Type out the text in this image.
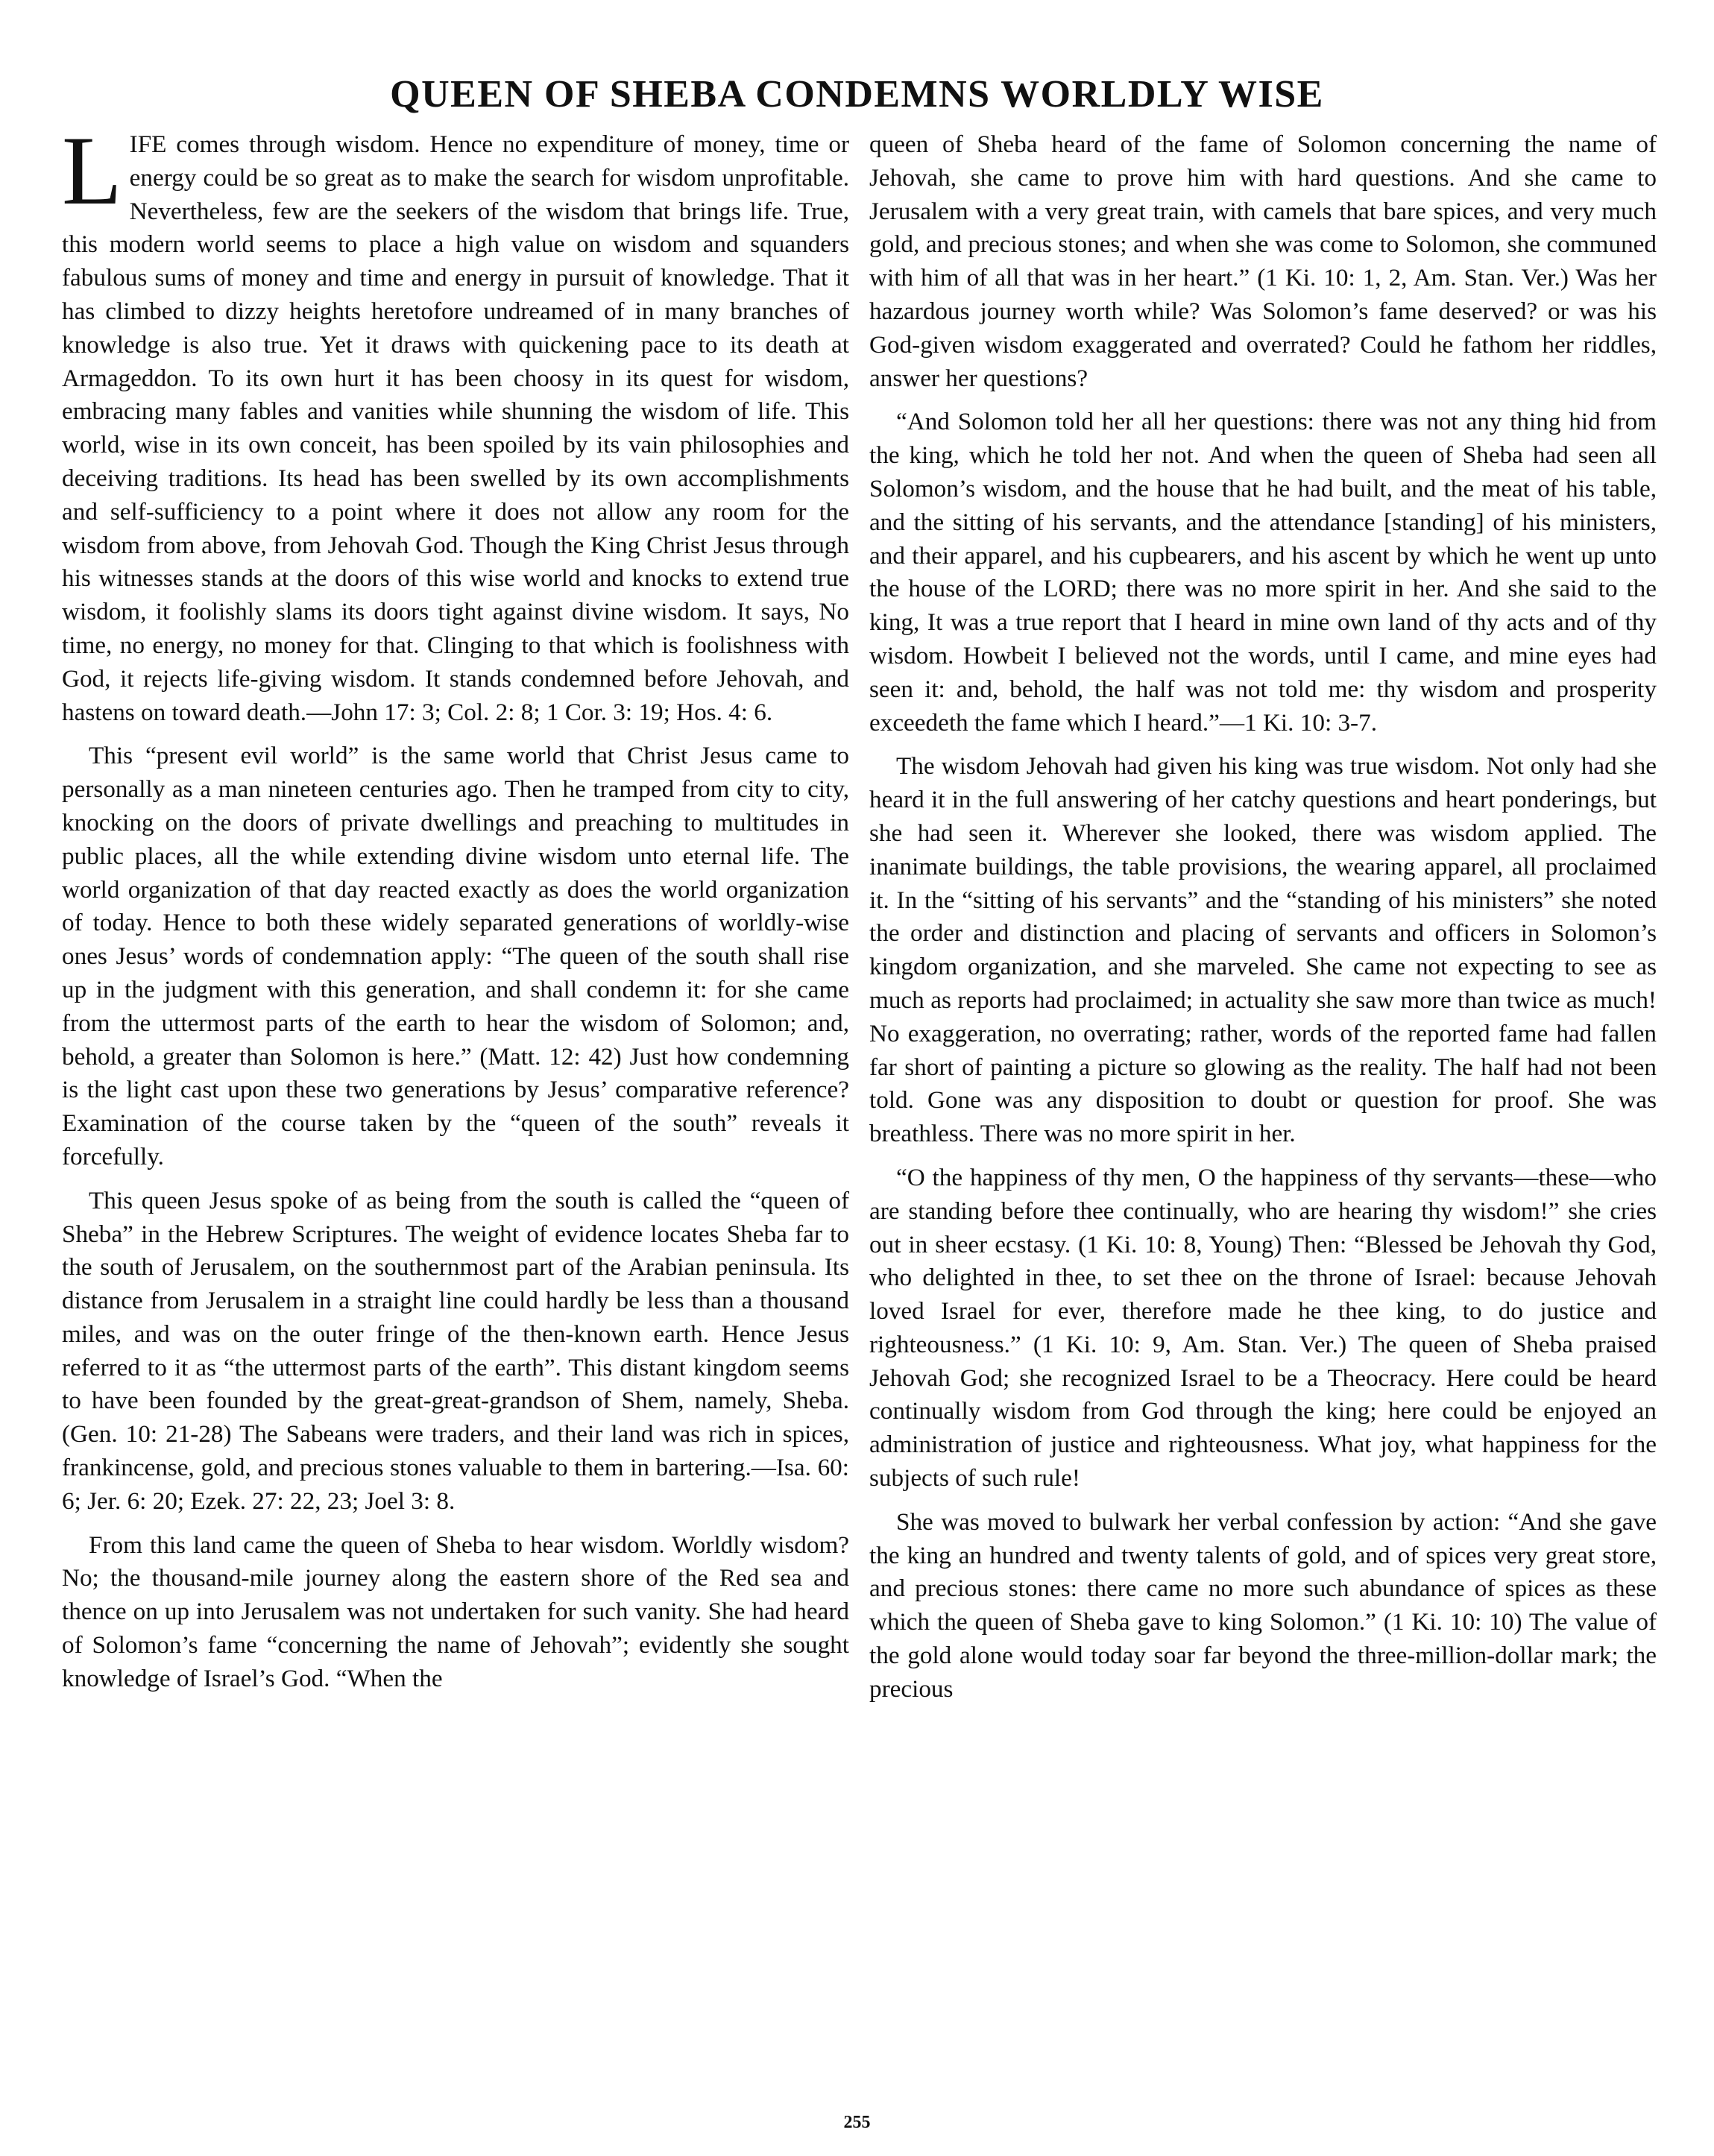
QUEEN OF SHEBA CONDEMNS WORLDLY WISE

LIFE comes through wisdom. Hence no expenditure of money, time or energy could be so great as to make the search for wisdom unprofitable. Nevertheless, few are the seekers of the wisdom that brings life. True, this modern world seems to place a high value on wisdom and squanders fabulous sums of money and time and energy in pursuit of knowledge. That it has climbed to dizzy heights heretofore undreamed of in many branches of knowledge is also true. Yet it draws with quickening pace to its death at Armageddon. To its own hurt it has been choosy in its quest for wisdom, embracing many fables and vanities while shunning the wisdom of life. This world, wise in its own conceit, has been spoiled by its vain philosophies and deceiving traditions. Its head has been swelled by its own accomplishments and self-sufficiency to a point where it does not allow any room for the wisdom from above, from Jehovah God. Though the King Christ Jesus through his witnesses stands at the doors of this wise world and knocks to extend true wisdom, it foolishly slams its doors tight against divine wisdom. It says, No time, no energy, no money for that. Clinging to that which is foolishness with God, it rejects life-giving wisdom. It stands condemned before Jehovah, and hastens on toward death.—John 17: 3; Col. 2: 8; 1 Cor. 3: 19; Hos. 4: 6.

This “present evil world” is the same world that Christ Jesus came to personally as a man nineteen centuries ago. Then he tramped from city to city, knocking on the doors of private dwellings and preaching to multitudes in public places, all the while extending divine wisdom unto eternal life. The world organization of that day reacted exactly as does the world organization of today. Hence to both these widely separated generations of worldly-wise ones Jesus’ words of condemnation apply: “The queen of the south shall rise up in the judgment with this generation, and shall condemn it: for she came from the uttermost parts of the earth to hear the wisdom of Solomon; and, behold, a greater than Solomon is here.” (Matt. 12: 42) Just how condemning is the light cast upon these two generations by Jesus’ comparative reference? Examination of the course taken by the “queen of the south” reveals it forcefully.

This queen Jesus spoke of as being from the south is called the “queen of Sheba” in the Hebrew Scriptures. The weight of evidence locates Sheba far to the south of Jerusalem, on the southernmost part of the Arabian peninsula. Its distance from Jerusalem in a straight line could hardly be less than a thousand miles, and was on the outer fringe of the then-known earth. Hence Jesus referred to it as “the uttermost parts of the earth”. This distant kingdom seems to have been founded by the great-great-grandson of Shem, namely, Sheba. (Gen. 10: 21-28) The Sabeans were traders, and their land was rich in spices, frankincense, gold, and precious stones valuable to them in bartering.—Isa. 60: 6; Jer. 6: 20; Ezek. 27: 22, 23; Joel 3: 8.

From this land came the queen of Sheba to hear wisdom. Worldly wisdom? No; the thousand-mile journey along the eastern shore of the Red sea and thence on up into Jerusalem was not undertaken for such vanity. She had heard of Solomon’s fame “concerning the name of Jehovah”; evidently she sought knowledge of Israel’s God. “When the

queen of Sheba heard of the fame of Solomon concerning the name of Jehovah, she came to prove him with hard questions. And she came to Jerusalem with a very great train, with camels that bare spices, and very much gold, and precious stones; and when she was come to Solomon, she communed with him of all that was in her heart.” (1 Ki. 10: 1, 2, Am. Stan. Ver.) Was her hazardous journey worth while? Was Solomon’s fame deserved? or was his God-given wisdom exaggerated and overrated? Could he fathom her riddles, answer her questions?

“And Solomon told her all her questions: there was not any thing hid from the king, which he told her not. And when the queen of Sheba had seen all Solomon’s wisdom, and the house that he had built, and the meat of his table, and the sitting of his servants, and the attendance [standing] of his ministers, and their apparel, and his cupbearers, and his ascent by which he went up unto the house of the LORD; there was no more spirit in her. And she said to the king, It was a true report that I heard in mine own land of thy acts and of thy wisdom. Howbeit I believed not the words, until I came, and mine eyes had seen it: and, behold, the half was not told me: thy wisdom and prosperity exceedeth the fame which I heard.”—1 Ki. 10: 3-7.

The wisdom Jehovah had given his king was true wisdom. Not only had she heard it in the full answering of her catchy questions and heart ponderings, but she had seen it. Wherever she looked, there was wisdom applied. The inanimate buildings, the table provisions, the wearing apparel, all proclaimed it. In the “sitting of his servants” and the “standing of his ministers” she noted the order and distinction and placing of servants and officers in Solomon’s kingdom organization, and she marveled. She came not expecting to see as much as reports had proclaimed; in actuality she saw more than twice as much! No exaggeration, no overrating; rather, words of the reported fame had fallen far short of painting a picture so glowing as the reality. The half had not been told. Gone was any disposition to doubt or question for proof. She was breathless. There was no more spirit in her.

“O the happiness of thy men, O the happiness of thy servants—these—who are standing before thee continually, who are hearing thy wisdom!” she cries out in sheer ecstasy. (1 Ki. 10: 8, Young) Then: “Blessed be Jehovah thy God, who delighted in thee, to set thee on the throne of Israel: because Jehovah loved Israel for ever, therefore made he thee king, to do justice and righteousness.” (1 Ki. 10: 9, Am. Stan. Ver.) The queen of Sheba praised Jehovah God; she recognized Israel to be a Theocracy. Here could be heard continually wisdom from God through the king; here could be enjoyed an administration of justice and righteousness. What joy, what happiness for the subjects of such rule!

She was moved to bulwark her verbal confession by action: “And she gave the king an hundred and twenty talents of gold, and of spices very great store, and precious stones: there came no more such abundance of spices as these which the queen of Sheba gave to king Solomon.” (1 Ki. 10: 10) The value of the gold alone would today soar far beyond the three-million-dollar mark; the precious

255
